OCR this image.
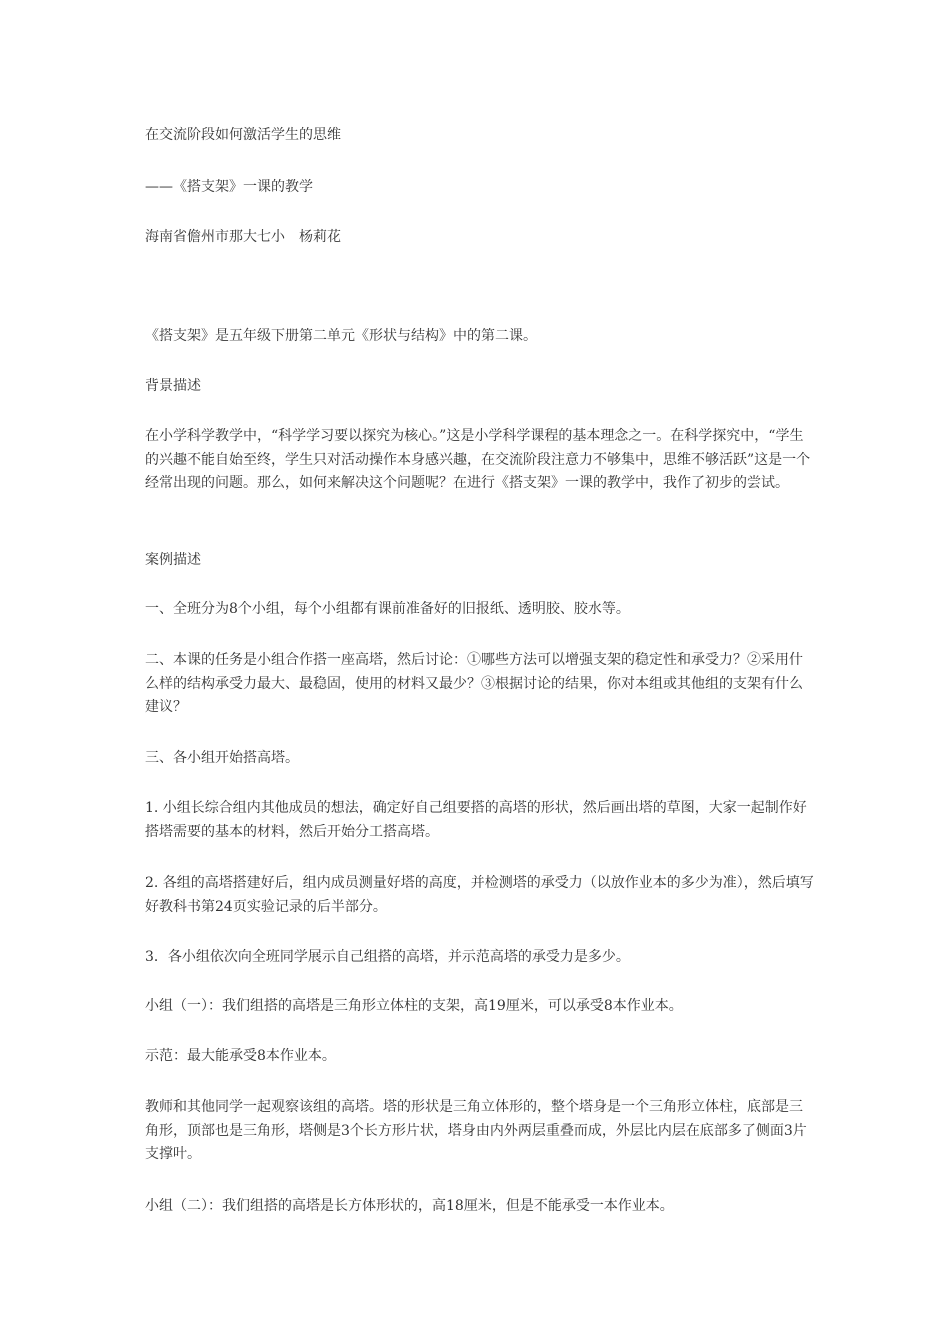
在交流阶段如何激活学生的思维

——《搭支架》一课的教学

海南省儋州市那大七小　杨莉花

《搭支架》是五年级下册第二单元《形状与结构》中的第二课。

背景描述

在小学科学教学中，“科学学习要以探究为核心。”这是小学科学课程的基本理念之一。在科学探究中，“学生的兴趣不能自始至终，学生只对活动操作本身感兴趣，在交流阶段注意力不够集中，思维不够活跃”这是一个经常出现的问题。那么，如何来解决这个问题呢？在进行《搭支架》一课的教学中，我作了初步的尝试。

案例描述

一、全班分为8个小组，每个小组都有课前准备好的旧报纸、透明胶、胶水等。

二、本课的任务是小组合作搭一座高塔，然后讨论：①哪些方法可以增强支架的稳定性和承受力？②采用什么样的结构承受力最大、最稳固，使用的材料又最少？③根据讨论的结果，你对本组或其他组的支架有什么建议？

三、各小组开始搭高塔。

1. 小组长综合组内其他成员的想法，确定好自己组要搭的高塔的形状，然后画出塔的草图，大家一起制作好搭塔需要的基本的材料，然后开始分工搭高塔。

2. 各组的高塔搭建好后，组内成员测量好塔的高度，并检测塔的承受力（以放作业本的多少为准），然后填写好教科书第24页实验记录的后半部分。

3．各小组依次向全班同学展示自己组搭的高塔，并示范高塔的承受力是多少。

小组（一）：我们组搭的高塔是三角形立体柱的支架，高19厘米，可以承受8本作业本。

示范：最大能承受8本作业本。

教师和其他同学一起观察该组的高塔。塔的形状是三角立体形的，整个塔身是一个三角形立体柱，底部是三角形，顶部也是三角形，塔侧是3个长方形片状，塔身由内外两层重叠而成，外层比内层在底部多了侧面3片支撑叶。

小组（二）：我们组搭的高塔是长方体形状的，高18厘米，但是不能承受一本作业本。
